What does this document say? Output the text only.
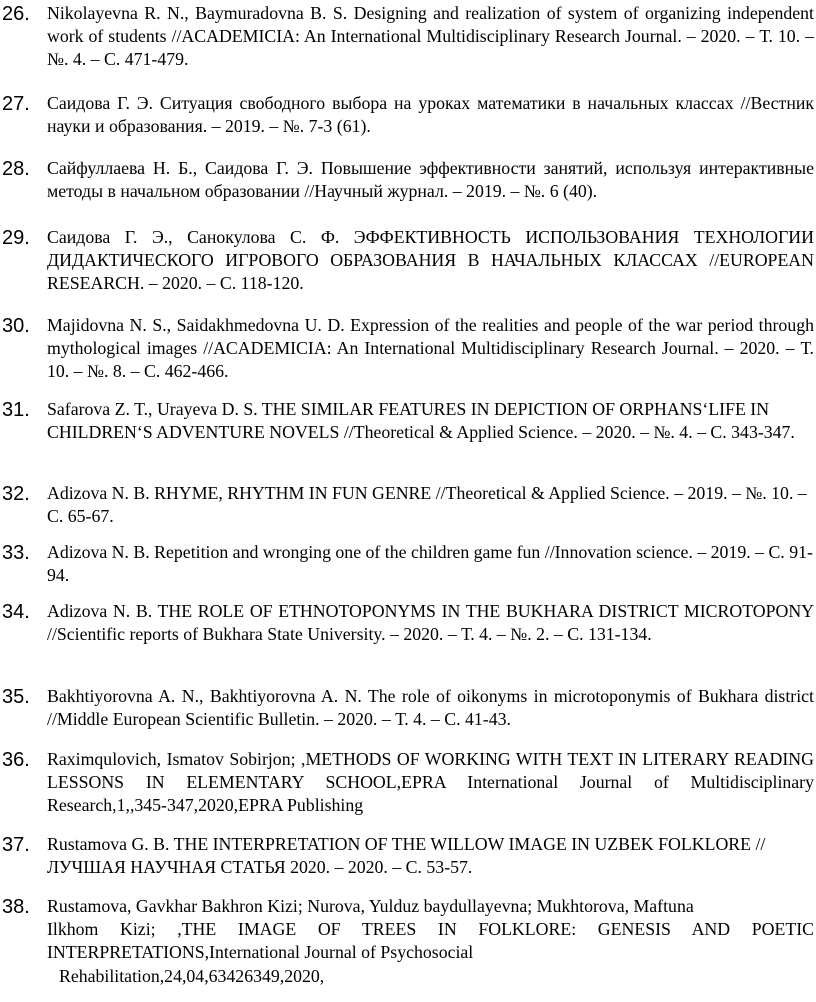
26. Nikolayevna R. N., Baymuradovna B. S. Designing and realization of system of organizing independent work of students //ACADEMICIA: An International Multidisciplinary Research Journal. – 2020. – Т. 10. – №. 4. – С. 471-479.
27. Саидова Г. Э. Ситуация свободного выбора на уроках математики в начальных классах //Вестник науки и образования. – 2019. – №. 7-3 (61).
28. Сайфуллаева Н. Б., Саидова Г. Э. Повышение эффективности занятий, используя интерактивные методы в начальном образовании //Научный журнал. – 2019. – №. 6 (40).
29. Саидова Г. Э., Санокулова С. Ф. ЭФФЕКТИВНОСТЬ ИСПОЛЬЗОВАНИЯ ТЕХНОЛОГИИ ДИДАКТИЧЕСКОГО ИГРОВОГО ОБРАЗОВАНИЯ В НАЧАЛЬНЫХ КЛАССАХ //EUROPEAN RESEARCH. – 2020. – С. 118-120.
30. Majidovna N. S., Saidakhmedovna U. D. Expression of the realities and people of the war period through mythological images //ACADEMICIA: An International Multidisciplinary Research Journal. – 2020. – Т. 10. – №. 8. – С. 462-466.
31. Safarova Z. T., Urayeva D. S. THE SIMILAR FEATURES IN DEPICTION OF ORPHANS‘LIFE IN CHILDREN‘S ADVENTURE NOVELS //Theoretical & Applied Science. – 2020. – №. 4. – С. 343-347.
32. Adizova N. B. RHYME, RHYTHM IN FUN GENRE //Theoretical & Applied Science. – 2019. – №. 10. – С. 65-67.
33. Adizova N. B. Repetition and wronging one of the children game fun //Innovation science. – 2019. – С. 91-94.
34. Adizova N. B. THE ROLE OF ETHNOTOPONYMS IN THE BUKHARA DISTRICT MICROTOPONY //Scientific reports of Bukhara State University. – 2020. – Т. 4. – №. 2. – С. 131-134.
35. Bakhtiyorovna A. N., Bakhtiyorovna A. N. The role of oikonyms in microtoponymis of Bukhara district //Middle European Scientific Bulletin. – 2020. – Т. 4. – С. 41-43.
36. Raximqulovich, Ismatov Sobirjon; ,METHODS OF WORKING WITH TEXT IN LITERARY READING LESSONS IN ELEMENTARY SCHOOL,EPRA International Journal of Multidisciplinary Research,1,,345-347,2020,EPRA Publishing
37. Rustamova G. B. THE INTERPRETATION OF THE WILLOW IMAGE IN UZBEK FOLKLORE //ЛУЧШАЯ НАУЧНАЯ СТАТЬЯ 2020. – 2020. – С. 53-57.
38. Rustamova, Gavkhar Bakhron Kizi; Nurova, Yulduz baydullayevna; Mukhtorova, Maftuna
Ilkhom Kizi; ,THE IMAGE OF TREES IN FOLKLORE: GENESIS AND POETIC INTERPRETATIONS,International Journal of Psychosocial
Rehabilitation,24,04,63426349,2020,
